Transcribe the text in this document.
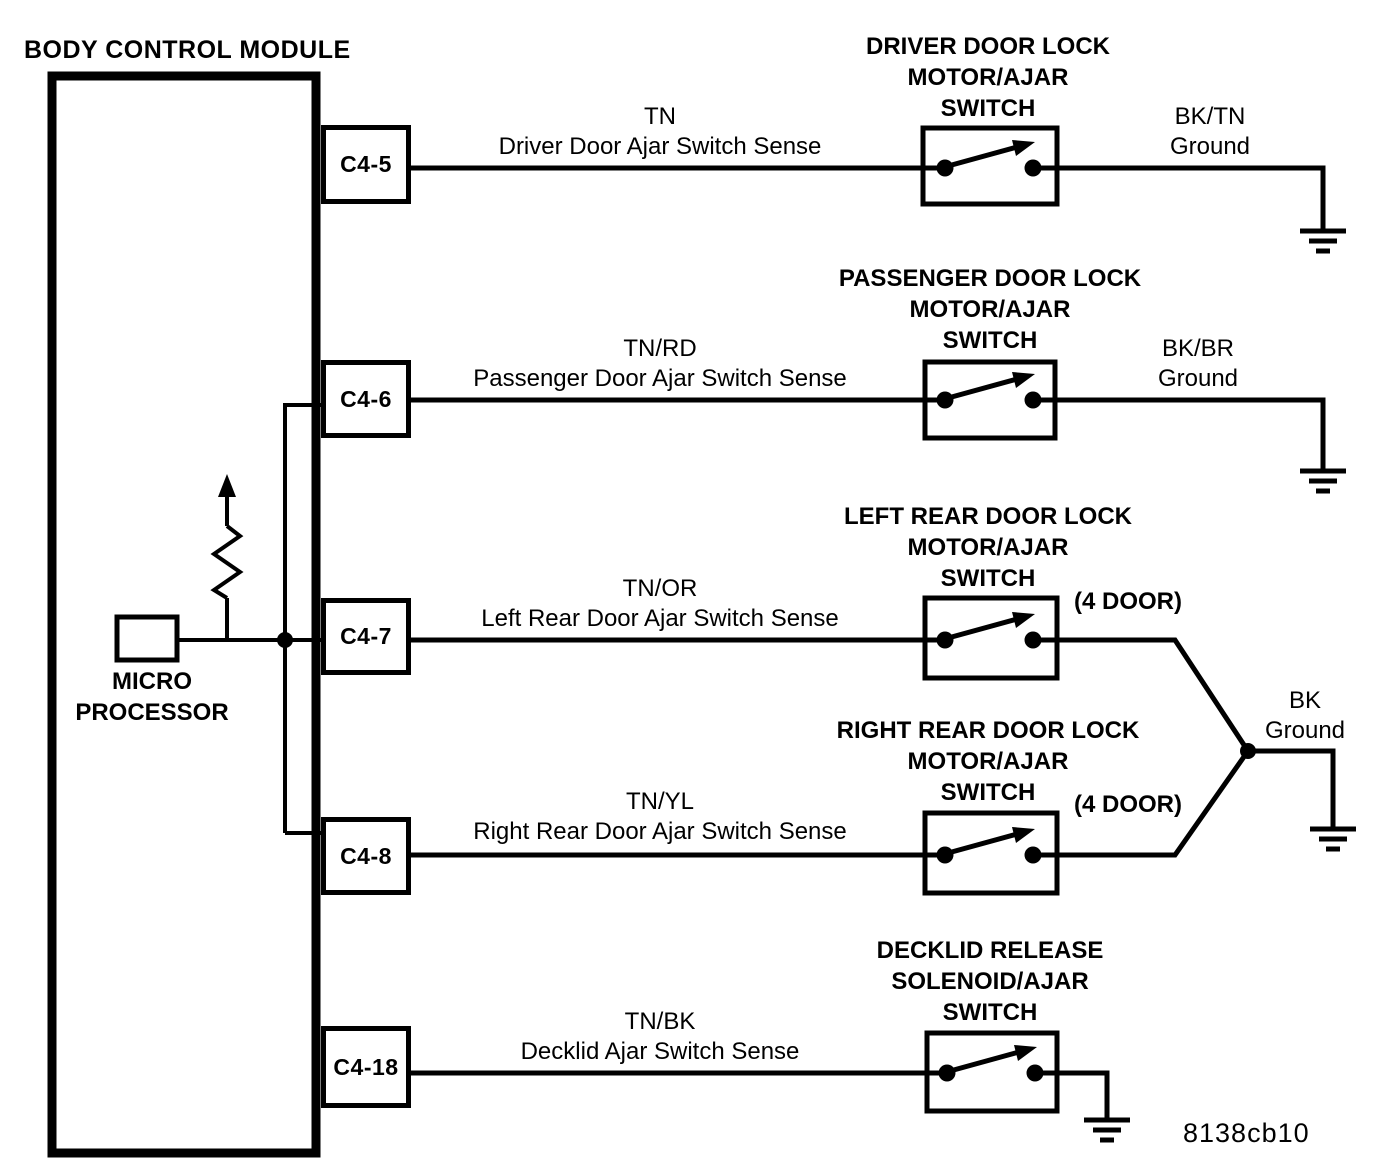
BODY CONTROL MODULE
C4-5
C4-6
C4-7
C4-8
C4-18
MICRO
PROCESSOR
TN
Driver Door Ajar Switch Sense
TN/RD
Passenger Door Ajar Switch Sense
TN/OR
Left Rear Door Ajar Switch Sense
TN/YL
Right Rear Door Ajar Switch Sense
TN/BK
Decklid Ajar Switch Sense
DRIVER DOOR LOCK
MOTOR/AJAR
SWITCH
PASSENGER DOOR LOCK
MOTOR/AJAR
SWITCH
LEFT REAR DOOR LOCK
MOTOR/AJAR
SWITCH
RIGHT REAR DOOR LOCK
MOTOR/AJAR
SWITCH
DECKLID RELEASE
SOLENOID/AJAR
SWITCH
(4 DOOR)
(4 DOOR)
BK/TN
Ground
BK/BR
Ground
BK
Ground
8138cb10
